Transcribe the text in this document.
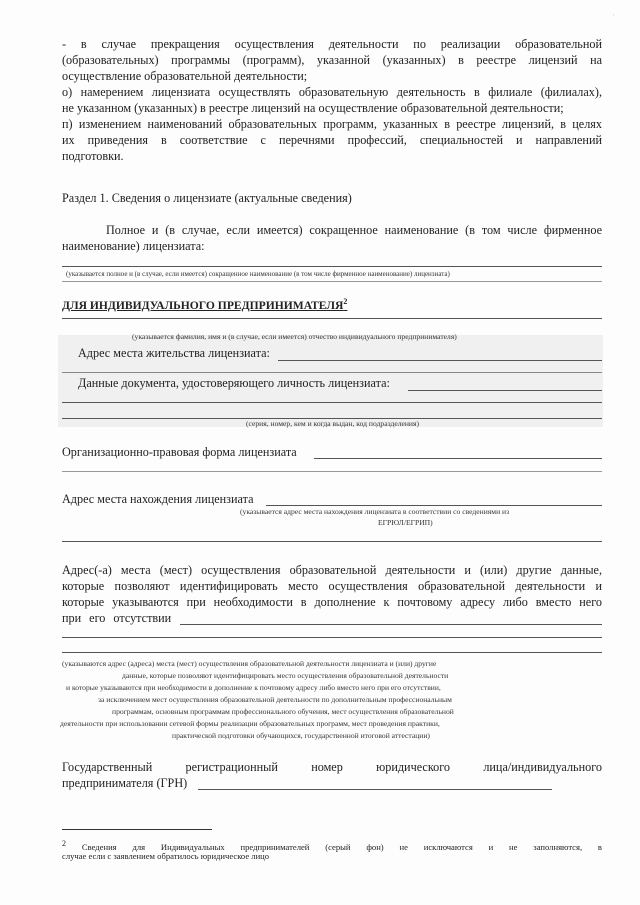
- в случае прекращения осуществления деятельности по реализации образовательной
(образовательных) программы (программ), указанной (указанных) в реестре лицензий на
осуществление образовательной деятельности;
о) намерением лицензиата осуществлять образовательную деятельность в филиале (филиалах),
не указанном (указанных) в реестре лицензий на осуществление образовательной деятельности;
п) изменением наименований образовательных программ, указанных в реестре лицензий, в целях
их приведения в соответствие с перечнями профессий, специальностей и направлений
подготовки.
Раздел 1. Сведения о лицензиате (актуальные сведения)
Полное и (в случае, если имеется) сокращенное наименование (в том числе фирменное
наименование) лицензиата:
(указывается полное и (в случае, если имеется) сокращенное наименование (в том числе фирменное наименование) лицензиата)
ДЛЯ ИНДИВИДУАЛЬНОГО ПРЕДПРИНИМАТЕЛЯ$^2$
(указывается фамилия, имя и (в случае, если имеется) отчество индивидуального предпринимателя)
Адрес места жительства лицензиата:
Данные документа, удостоверяющего личность лицензиата:
(серия, номер, кем и когда выдан, код подразделения)
Организационно-правовая форма лицензиата
Адрес места нахождения лицензиата
(указывается адрес места нахождения лицензиата в соответствии со сведениями из
ЕГРЮЛ/ЕГРИП)
Адрес(-а) места (мест) осуществления образовательной деятельности и (или) другие данные,
которые позволяют идентифицировать место осуществления образовательной деятельности и
которые указываются при необходимости в дополнение к почтовому адресу либо вместо него
при его отсутствии
(указываются адрес (адреса) места (мест) осуществления образовательной деятельности лицензиата и (или) другие
данные, которые позволяют идентифицировать место осуществления образовательной деятельности
и которые указываются при необходимости в дополнение к почтовому адресу либо вместо него при его отсутствии,
за исключением мест осуществления образовательной деятельности по дополнительным профессиональным
программам, основным программам профессионального обучения, мест осуществления образовательной
деятельности при использовании сетевой формы реализации образовательных программ, мест проведения практики,
практической подготовки обучающихся, государственной итоговой аттестации)
Государственный регистрационный номер юридического лица/индивидуального
предпринимателя (ГРН)
2 Сведения для Индивидуальных предпринимателей (серый фон) не исключаются и не заполняются, в
случае если с заявлением обратилось юридическое лицо
·
